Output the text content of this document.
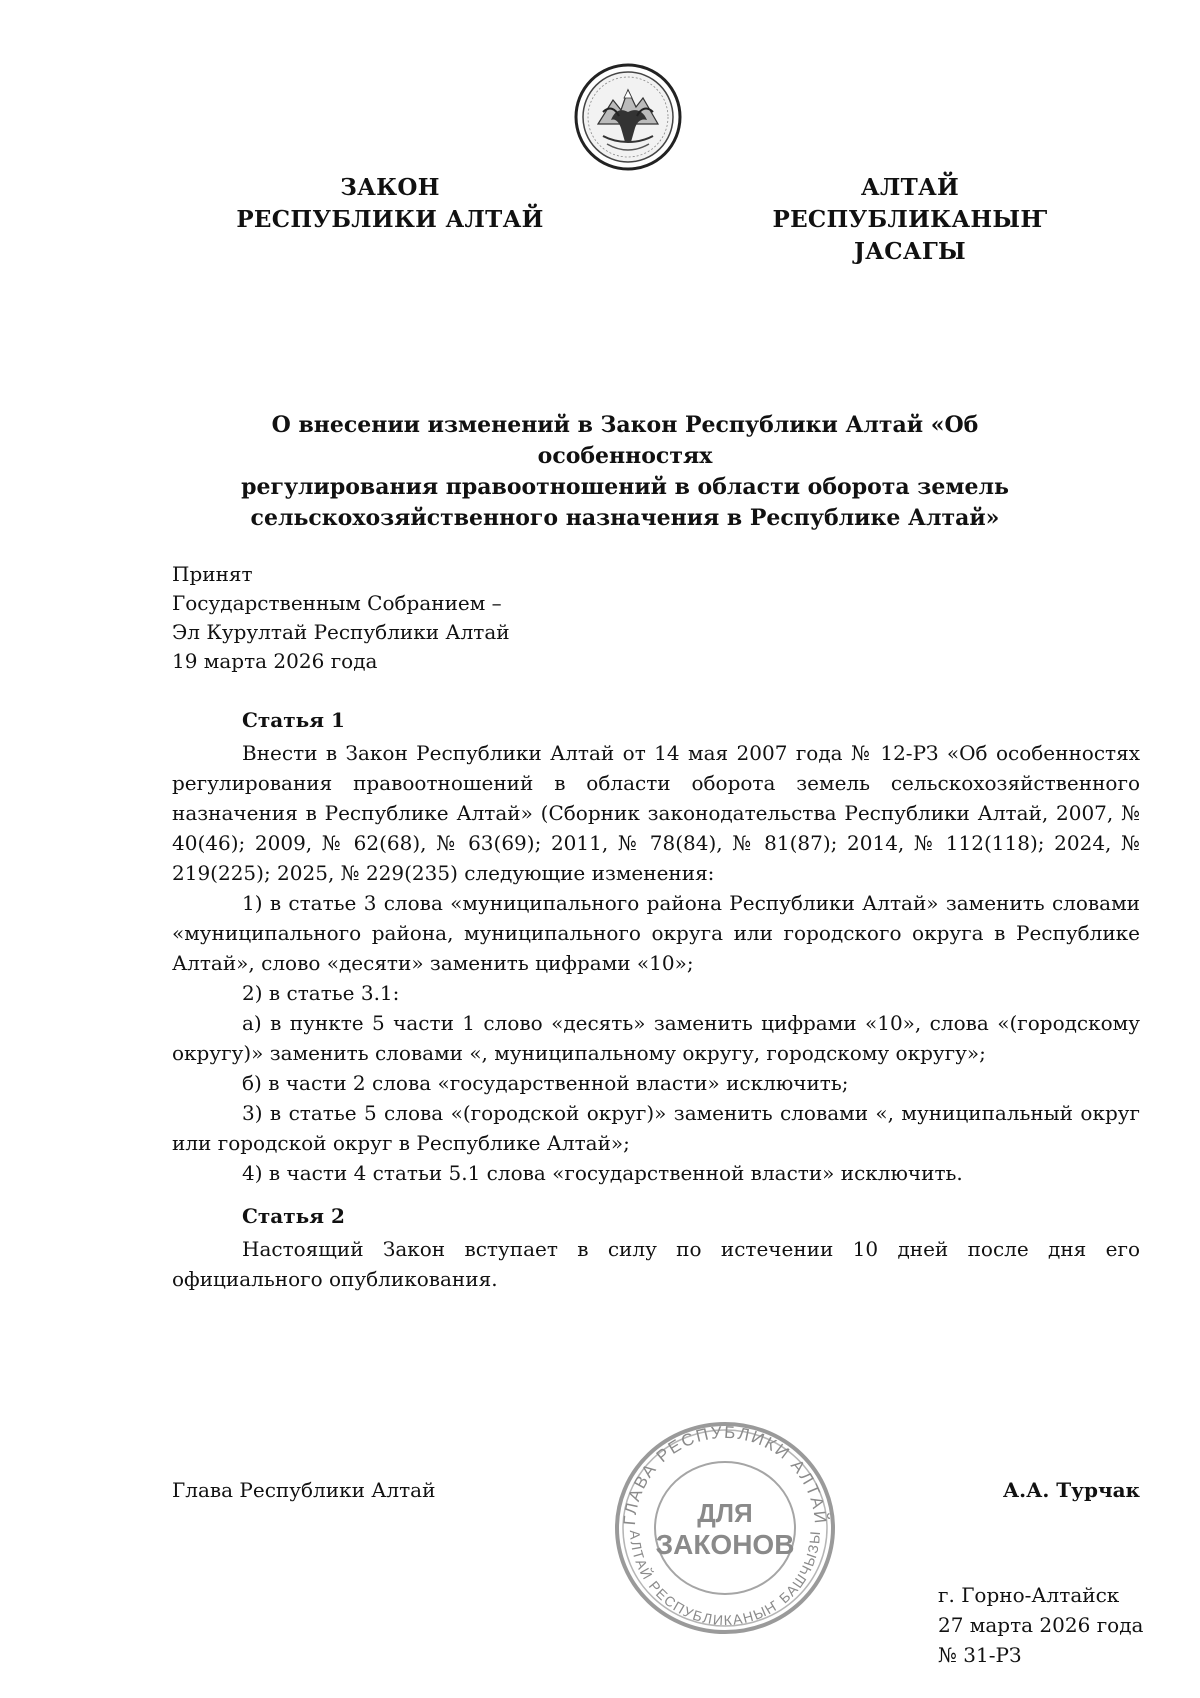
ЗАКОН
РЕСПУБЛИКИ АЛТАЙ
АЛТАЙ РЕСПУБЛИКАНЫҤ
ЈАСАГЫ
О внесении изменений в Закон Республики Алтай «Об особенностях
регулирования правоотношений в области оборота земель
сельскохозяйственного назначения в Республике Алтай»
Принят
Государственным Собранием –
Эл Курултай Республики Алтай
19 марта 2026 года
Статья 1

Внести в Закон Республики Алтай от 14 мая 2007 года № 12-РЗ «Об особенностях регулирования правоотношений в области оборота земель сельскохозяйственного назначения в Республике Алтай» (Сборник законодательства Республики Алтай, 2007, № 40(46); 2009, № 62(68), № 63(69); 2011, № 78(84), № 81(87); 2014, № 112(118); 2024, № 219(225); 2025, № 229(235) следующие изменения:

1) в статье 3 слова «муниципального района Республики Алтай» заменить словами «муниципального района, муниципального округа или городского округа в Республике Алтай», слово «десяти» заменить цифрами «10»;

2) в статье 3.1:

а) в пункте 5 части 1 слово «десять» заменить цифрами «10», слова «(городскому округу)» заменить словами «, муниципальному округу, городскому округу»;

б) в части 2 слова «государственной власти» исключить;

3) в статье 5 слова «(городской округ)» заменить словами «, муниципальный округ или городской округ в Республике Алтай»;

4) в части 4 статьи 5.1 слова «государственной власти» исключить.

Статья 2

Настоящий Закон вступает в силу по истечении 10 дней после дня его официального опубликования.

ГЛАВА РЕСПУБЛИКИ АЛТАЙ
АЛТАЙ РЕСПУБЛИКАНЫҤ БАШЧЫЗЫ
ДЛЯ
ЗАКОНОВ
Глава Республики Алтай	А.А. Турчак
г. Горно-Алтайск
27 марта 2026 года
№ 31-РЗ
